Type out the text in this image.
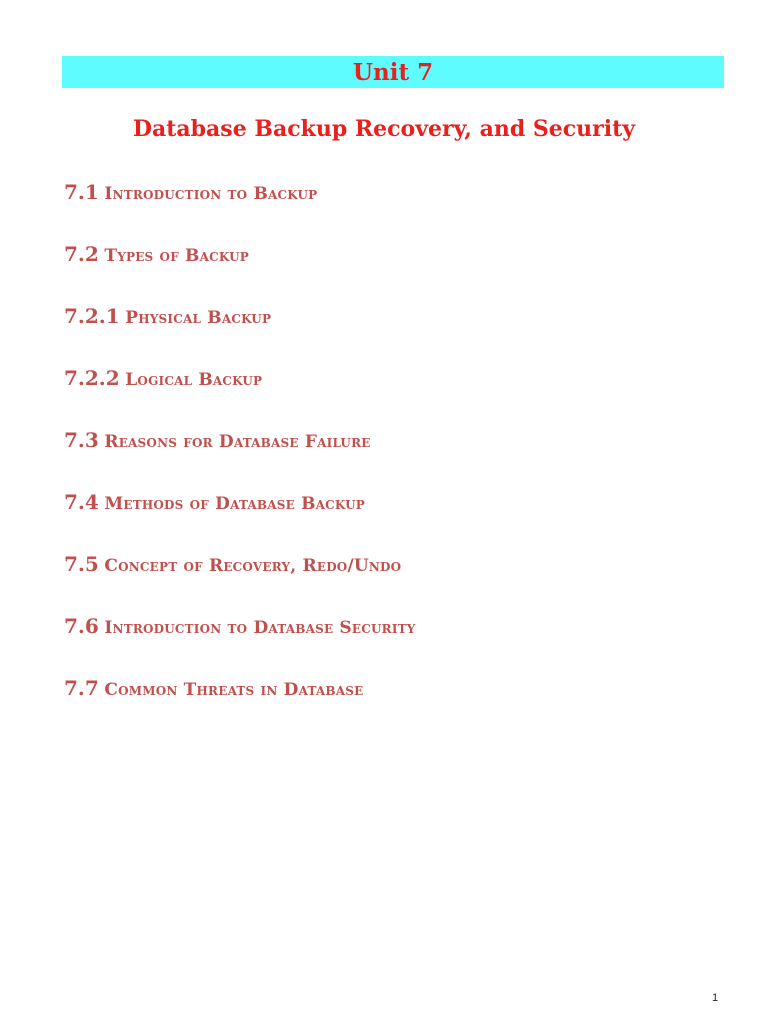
Unit 7
Database Backup Recovery, and Security
7.1 Introduction to Backup
7.2 Types of Backup
7.2.1 Physical Backup
7.2.2 Logical Backup
7.3 Reasons for Database Failure
7.4 Methods of Database Backup
7.5 Concept of Recovery, Redo/Undo
7.6 Introduction to Database Security
7.7 Common Threats in Database
1
